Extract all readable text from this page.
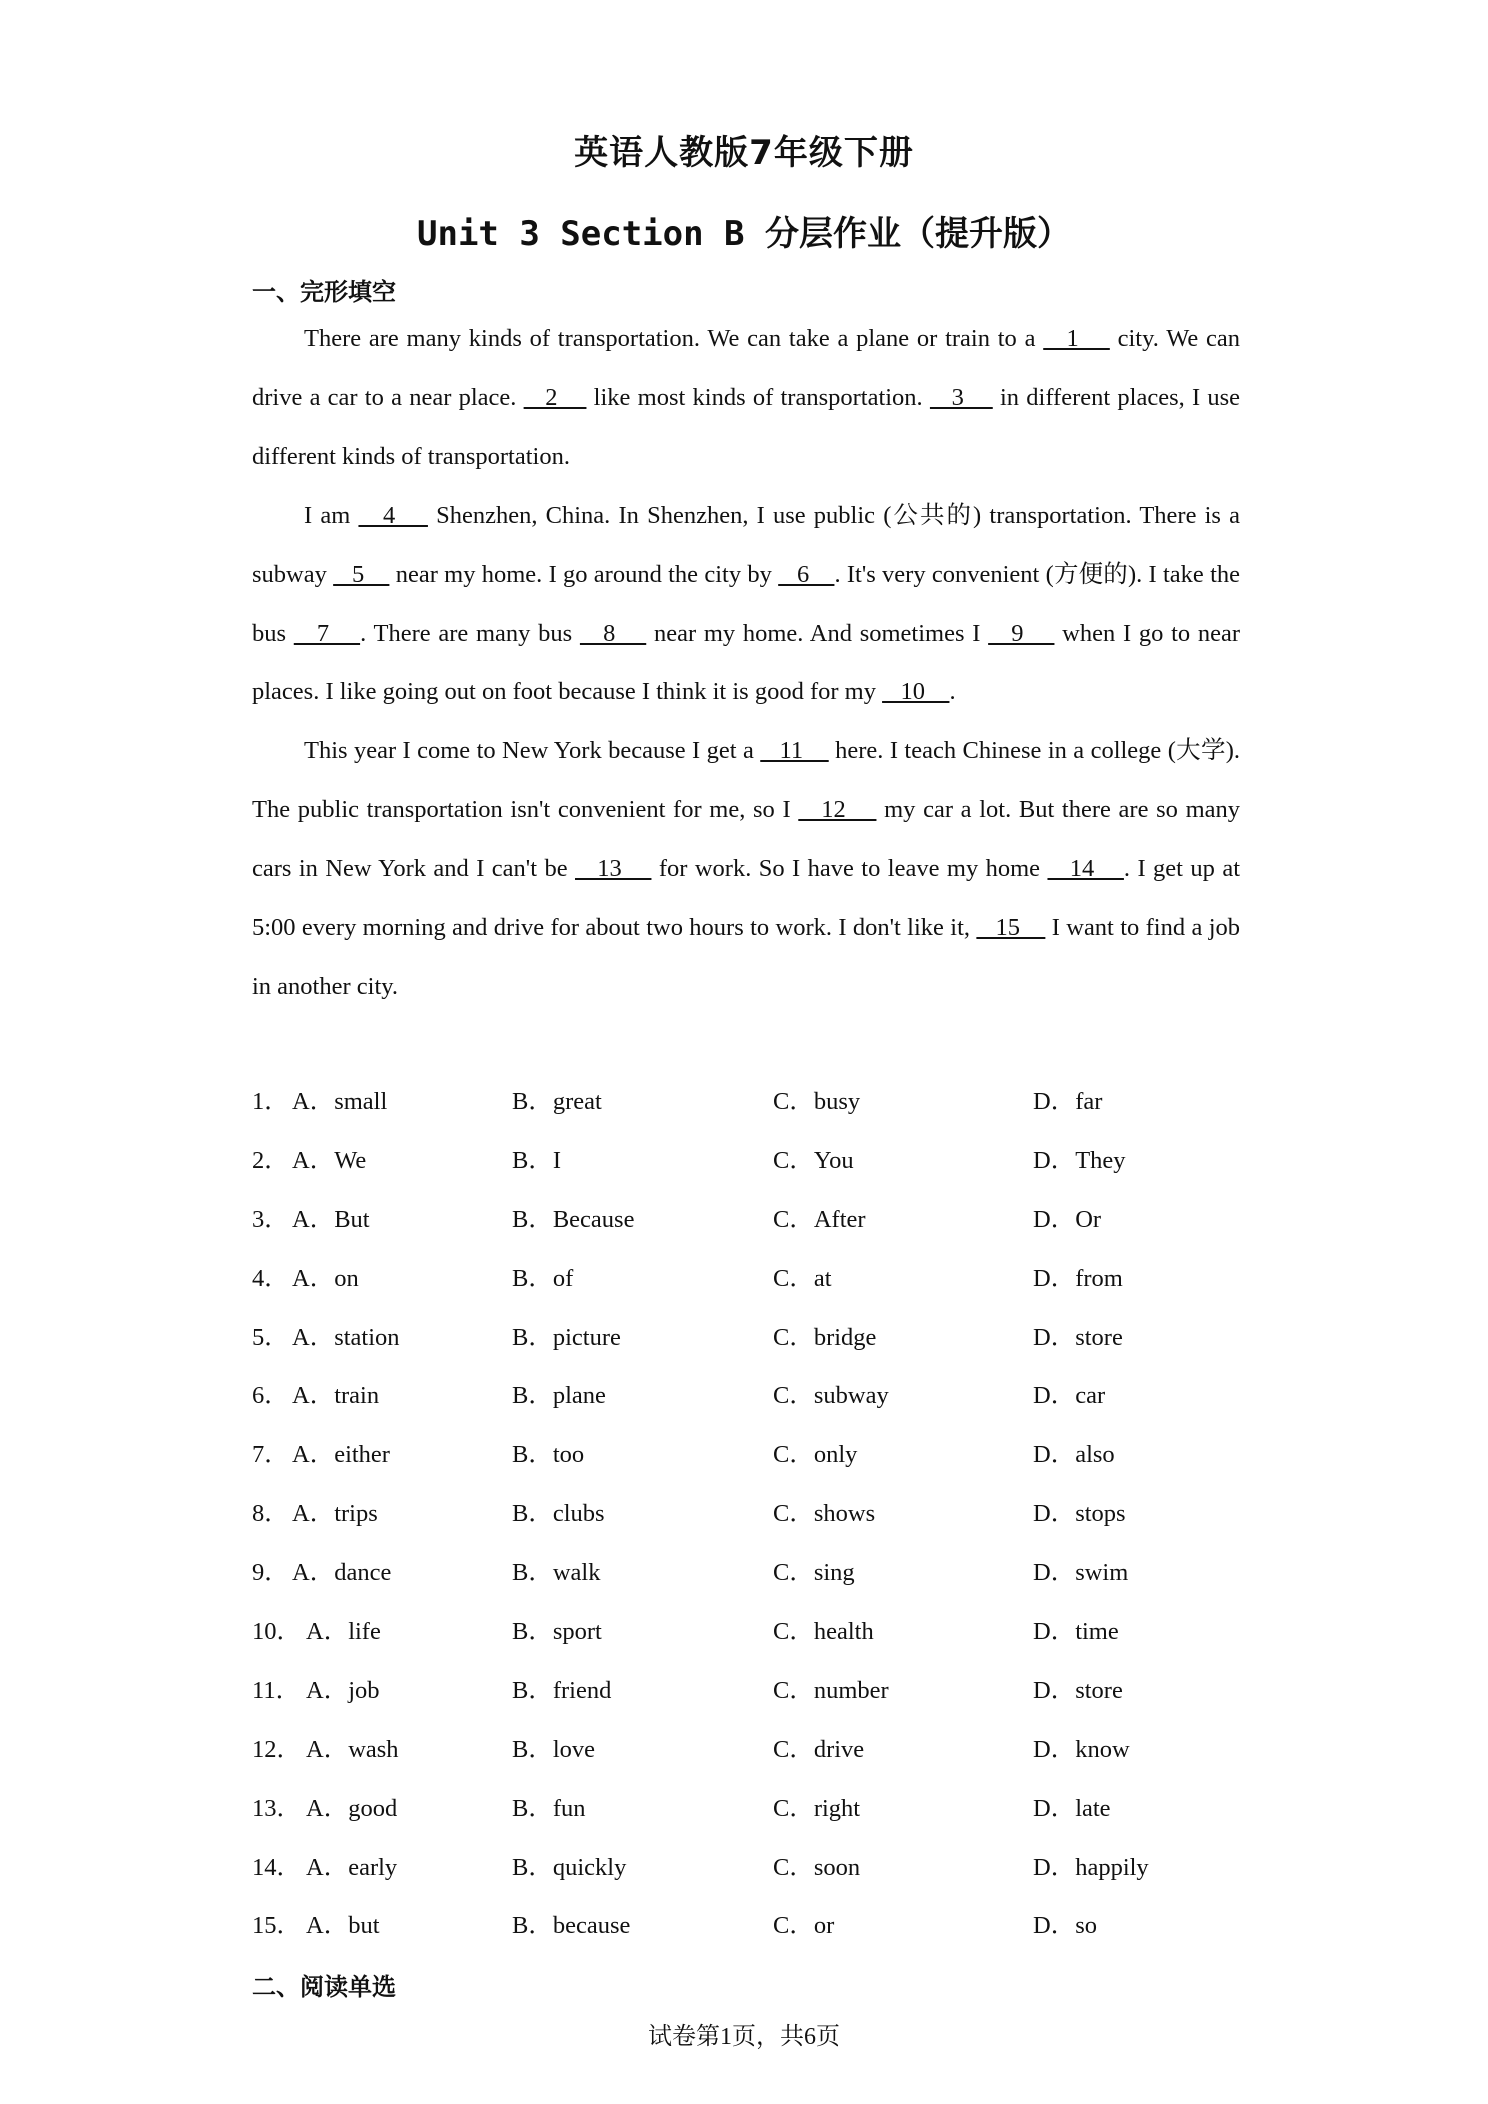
英语人教版7年级下册
Unit 3 Section B 分层作业（提升版）
一、完形填空

There are many kinds of transportation. We can take a plane or train to a    1     city. We can drive a car to a near place.    2     like most kinds of transportation.    3     in different places, I use different kinds of transportation.

I am    4     Shenzhen, China. In Shenzhen, I use public (公共的) transportation. There is a subway    5     near my home. I go around the city by    6    . It's very convenient (方便的). I take the bus    7    . There are many bus    8     near my home. And sometimes I    9     when I go to near places. I like going out on foot because I think it is good for my    10    .

This year I come to New York because I get a    11     here. I teach Chinese in a college (大学). The public transportation isn't convenient for me, so I    12     my car a lot. But there are so many cars in New York and I can't be    13     for work. So I have to leave my home    14    . I get up at 5:00 every morning and drive for about two hours to work. I don't like it,    15     I want to find a job in another city.

1． A．small	B．great	C．busy	D．far
2． A．We	B．I	C．You	D．They
3． A．But	B．Because	C．After	D．Or
4． A．on	B．of	C．at	D．from
5． A．station	B．picture	C．bridge	D．store
6． A．train	B．plane	C．subway	D．car
7． A．either	B．too	C．only	D．also
8． A．trips	B．clubs	C．shows	D．stops
9． A．dance	B．walk	C．sing	D．swim
10． A．life	B．sport	C．health	D．time
11． A．job	B．friend	C．number	D．store
12． A．wash	B．love	C．drive	D．know
13． A．good	B．fun	C．right	D．late
14． A．early	B．quickly	C．soon	D．happily
15． A．but	B．because	C．or	D．so
二、阅读单选
试卷第1页，共6页
